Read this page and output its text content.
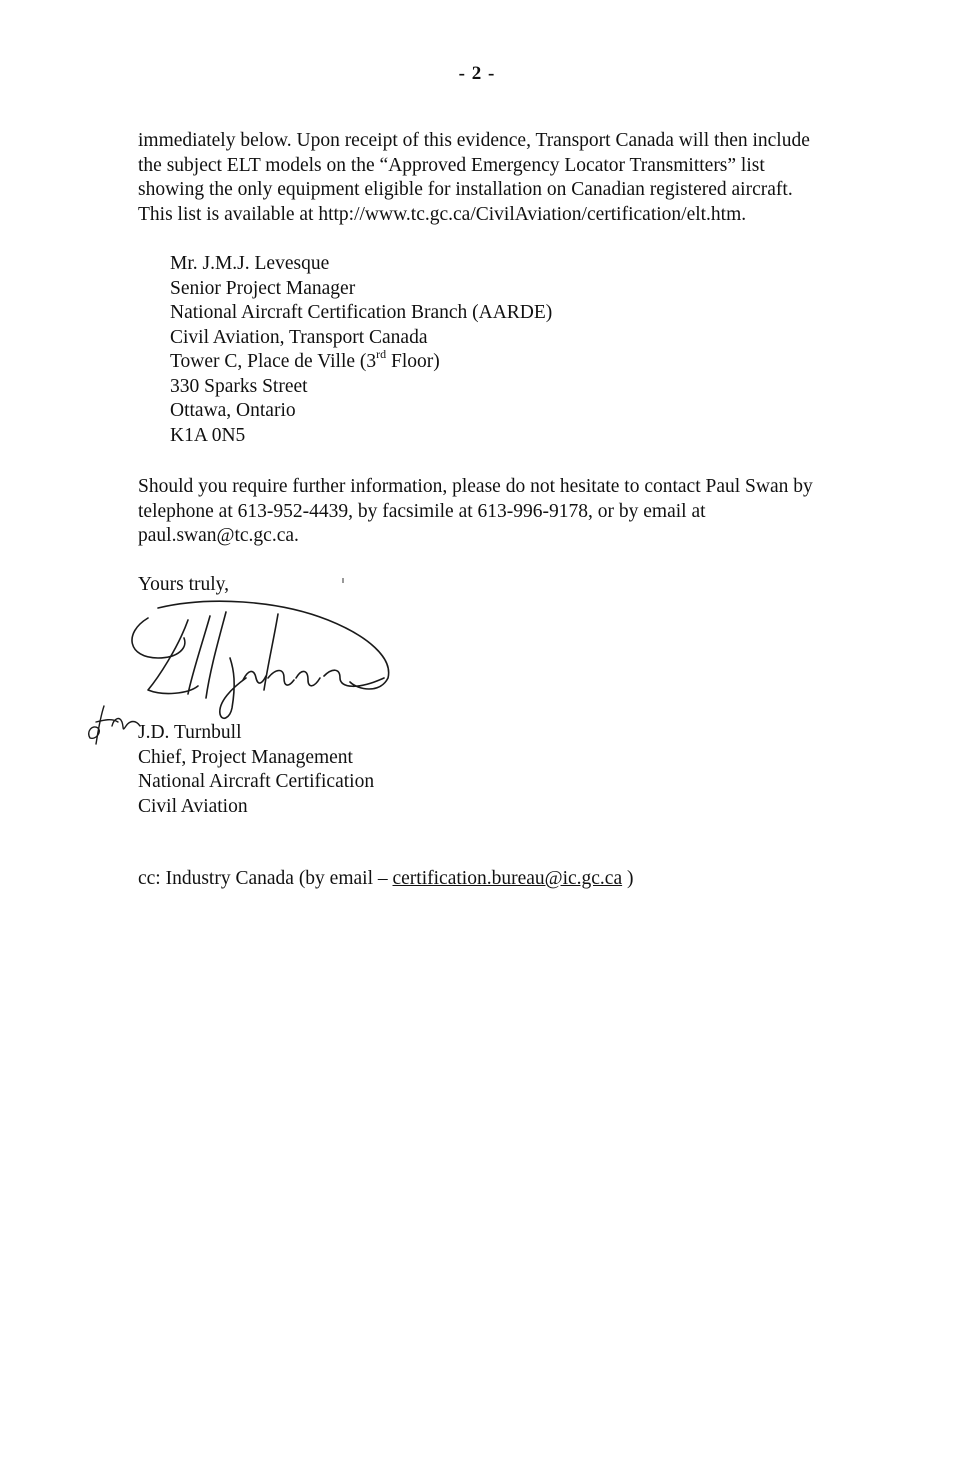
- 2 -
immediately below. Upon receipt of this evidence, Transport Canada will then include
the subject ELT models on the “Approved Emergency Locator Transmitters” list
showing the only equipment eligible for installation on Canadian registered aircraft.
This list is available at http://www.tc.gc.ca/CivilAviation/certification/elt.htm.
Mr. J.M.J. Levesque
Senior Project Manager
National Aircraft Certification Branch (AARDE)
Civil Aviation, Transport Canada
Tower C, Place de Ville (3rd Floor)
330 Sparks Street
Ottawa, Ontario
K1A 0N5
Should you require further information, please do not hesitate to contact Paul Swan by
telephone at 613-952-4439, by facsimile at 613-996-9178, or by email at
paul.swan@tc.gc.ca.
Yours truly,
J.D. Turnbull
Chief, Project Management
National Aircraft Certification
Civil Aviation
cc: Industry Canada (by email – certification.bureau@ic.gc.ca )
